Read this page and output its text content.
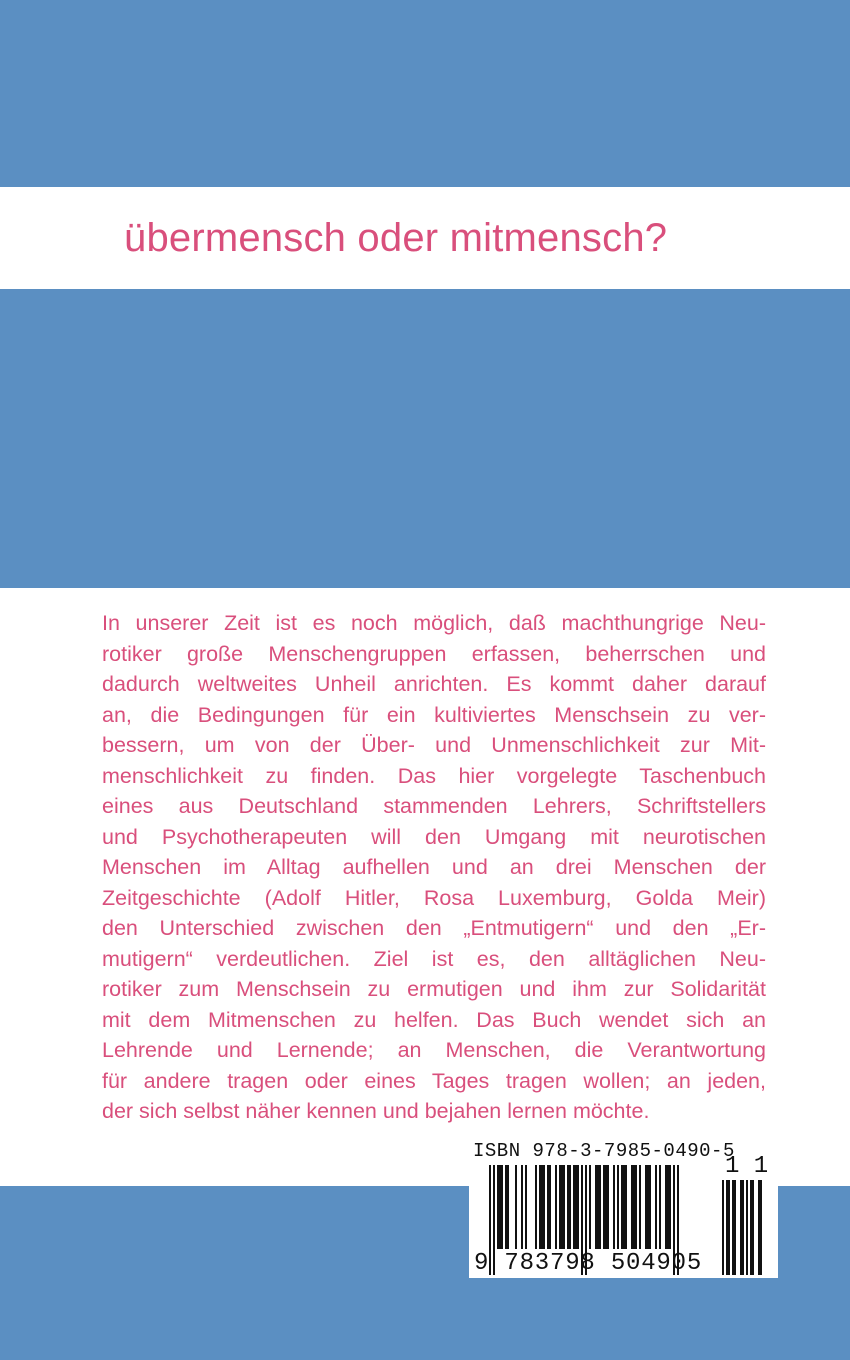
übermensch oder mitmensch?
In unserer Zeit ist es noch möglich, daß machthungrige Neu-
rotiker große Menschengruppen erfassen, beherrschen und
dadurch weltweites Unheil anrichten. Es kommt daher darauf
an, die Bedingungen für ein kultiviertes Menschsein zu ver-
bessern, um von der Über- und Unmenschlichkeit zur Mit-
menschlichkeit zu finden. Das hier vorgelegte Taschenbuch
eines aus Deutschland stammenden Lehrers, Schriftstellers
und Psychotherapeuten will den Umgang mit neurotischen
Menschen im Alltag aufhellen und an drei Menschen der
Zeitgeschichte (Adolf Hitler, Rosa Luxemburg, Golda Meir)
den Unterschied zwischen den „Entmutigern“ und den „Er-
mutigern“ verdeutlichen. Ziel ist es, den alltäglichen Neu-
rotiker zum Menschsein zu ermutigen und ihm zur Solidarität
mit dem Mitmenschen zu helfen. Das Buch wendet sich an
Lehrende und Lernende; an Menschen, die Verantwortung
für andere tragen oder eines Tages tragen wollen; an jeden,
der sich selbst näher kennen und bejahen lernen möchte.
ISBN 978-3-7985-0490-5
1 1
9 783798 504905
